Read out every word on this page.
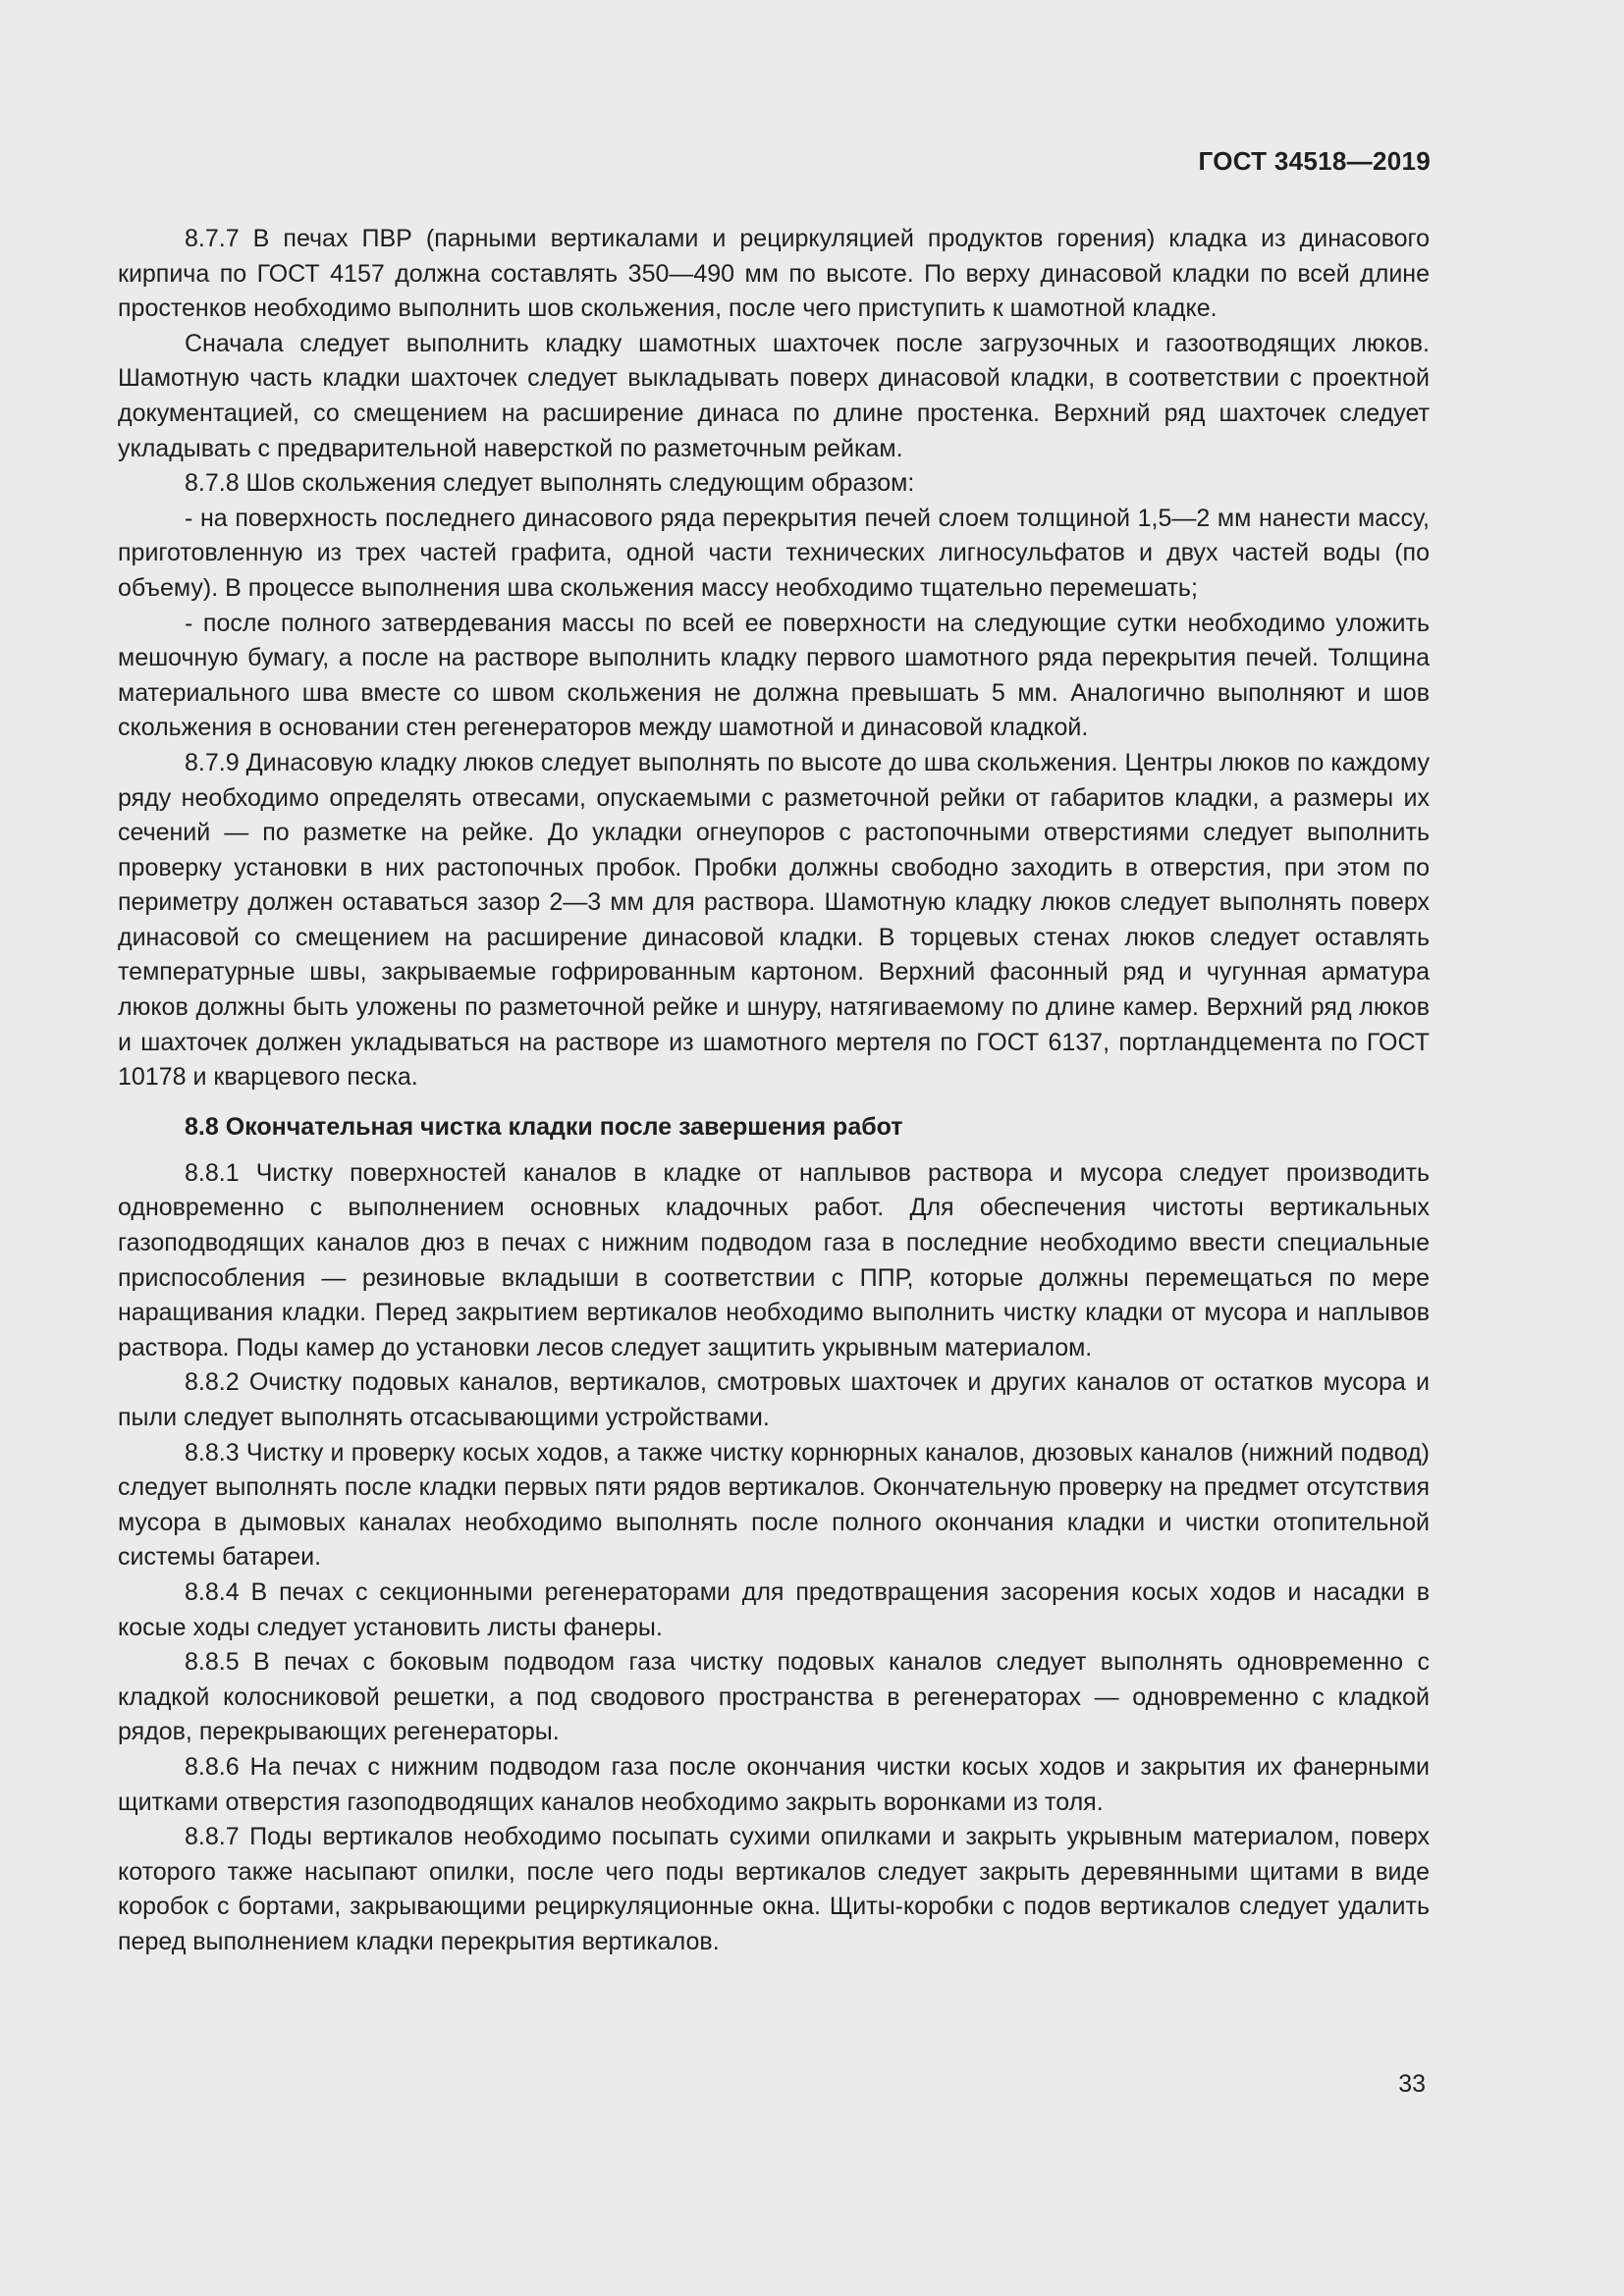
ГОСТ 34518—2019

8.7.7 В печах ПВР (парными вертикалами и рециркуляцией продуктов горения) кладка из динасового кирпича по ГОСТ 4157 должна составлять 350—490 мм по высоте. По верху динасовой кладки по всей длине простенков необходимо выполнить шов скольжения, после чего приступить к шамотной кладке.

Сначала следует выполнить кладку шамотных шахточек после загрузочных и газоотводящих люков. Шамотную часть кладки шахточек следует выкладывать поверх динасовой кладки, в соответствии с проектной документацией, со смещением на расширение динаса по длине простенка. Верхний ряд шахточек следует укладывать с предварительной наверсткой по разметочным рейкам.

8.7.8 Шов скольжения следует выполнять следующим образом:

- на поверхность последнего динасового ряда перекрытия печей слоем толщиной 1,5—2 мм нанести массу, приготовленную из трех частей графита, одной части технических лигносульфатов и двух частей воды (по объему). В процессе выполнения шва скольжения массу необходимо тщательно перемешать;

- после полного затвердевания массы по всей ее поверхности на следующие сутки необходимо уложить мешочную бумагу, а после на растворе выполнить кладку первого шамотного ряда перекрытия печей. Толщина материального шва вместе со швом скольжения не должна превышать 5 мм. Аналогично выполняют и шов скольжения в основании стен регенераторов между шамотной и динасовой кладкой.

8.7.9 Динасовую кладку люков следует выполнять по высоте до шва скольжения. Центры люков по каждому ряду необходимо определять отвесами, опускаемыми с разметочной рейки от габаритов кладки, а размеры их сечений — по разметке на рейке. До укладки огнеупоров с растопочными отверстиями следует выполнить проверку установки в них растопочных пробок. Пробки должны свободно заходить в отверстия, при этом по периметру должен оставаться зазор 2—3 мм для раствора. Шамотную кладку люков следует выполнять поверх динасовой со смещением на расширение динасовой кладки. В торцевых стенах люков следует оставлять температурные швы, закрываемые гофрированным картоном. Верхний фасонный ряд и чугунная арматура люков должны быть уложены по разметочной рейке и шнуру, натягиваемому по длине камер. Верхний ряд люков и шахточек должен укладываться на растворе из шамотного мертеля по ГОСТ 6137, портландцемента по ГОСТ 10178 и кварцевого песка.

8.8 Окончательная чистка кладки после завершения работ

8.8.1 Чистку поверхностей каналов в кладке от наплывов раствора и мусора следует производить одновременно с выполнением основных кладочных работ. Для обеспечения чистоты вертикальных газоподводящих каналов дюз в печах с нижним подводом газа в последние необходимо ввести специальные приспособления — резиновые вкладыши в соответствии с ППР, которые должны перемещаться по мере наращивания кладки. Перед закрытием вертикалов необходимо выполнить чистку кладки от мусора и наплывов раствора. Поды камер до установки лесов следует защитить укрывным материалом.

8.8.2 Очистку подовых каналов, вертикалов, смотровых шахточек и других каналов от остатков мусора и пыли следует выполнять отсасывающими устройствами.

8.8.3 Чистку и проверку косых ходов, а также чистку корнюрных каналов, дюзовых каналов (нижний подвод) следует выполнять после кладки первых пяти рядов вертикалов. Окончательную проверку на предмет отсутствия мусора в дымовых каналах необходимо выполнять после полного окончания кладки и чистки отопительной системы батареи.

8.8.4 В печах с секционными регенераторами для предотвращения засорения косых ходов и насадки в косые ходы следует установить листы фанеры.

8.8.5 В печах с боковым подводом газа чистку подовых каналов следует выполнять одновременно с кладкой колосниковой решетки, а под сводового пространства в регенераторах — одновременно с кладкой рядов, перекрывающих регенераторы.

8.8.6 На печах с нижним подводом газа после окончания чистки косых ходов и закрытия их фанерными щитками отверстия газоподводящих каналов необходимо закрыть воронками из толя.

8.8.7 Поды вертикалов необходимо посыпать сухими опилками и закрыть укрывным материалом, поверх которого также насыпают опилки, после чего поды вертикалов следует закрыть деревянными щитами в виде коробок с бортами, закрывающими рециркуляционные окна. Щиты-коробки с подов вертикалов следует удалить перед выполнением кладки перекрытия вертикалов.

33
